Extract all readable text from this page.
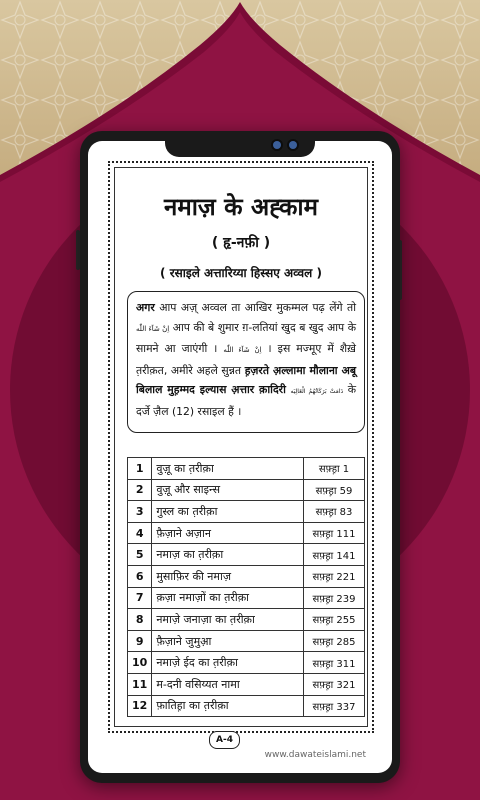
नमाज़ के अह्काम
( हृ-नफ़ी )
( रसाइले अत्तारिय्या हिस्सए अव्वल )
अगर आप अज़् अव्वल ता आखिर मुकम्मल पढ़ लेंगे तो اِنْ شَآءَ اللّٰه आप की बे शुमार ग़-लतियां खुद ब खुद आप के सामने आ जाएंगी । اِنْ شَآءَ اللّٰه । इस मज्मूए में शैख़े त़रीक़त, अमीरे अहले सुन्नत ह़ज़रते अ़ल्लामा मौलाना अबू बिलाल मुह़म्मद इल्यास अ़त्तार क़ादिरी دَامَتْ بَرَكَاتُهُمُ الْعَالِيَه के दर्जे ज़ैल (12) रसाइल हैं ।
1	वुज़ू का त़रीक़ा	सफ़्ह़ा 1
2	वुज़ू और साइन्स	सफ़्ह़ा 59
3	गुस्ल का त़रीक़ा	सफ़्ह़ा 83
4	फ़ैज़ाने अज़ान	सफ़्ह़ा 111
5	नमाज़ का त़रीक़ा	सफ़्ह़ा 141
6	मुसाफ़िर की नमाज़	सफ़्ह़ा 221
7	क़ज़ा नमाज़ों का त़रीक़ा	सफ़्ह़ा 239
8	नमाज़े जनाज़ा का त़रीक़ा	सफ़्ह़ा 255
9	फ़ैज़ाने जुमुआ़	सफ़्ह़ा 285
10	नमाज़े ईद का त़रीक़ा	सफ़्ह़ा 311
11	म-दनी वसिय्यत नामा	सफ़्ह़ा 321
12	फ़ातिह़ा का त़रीक़ा	सफ़्ह़ा 337
A-4
www.dawateislami.net
